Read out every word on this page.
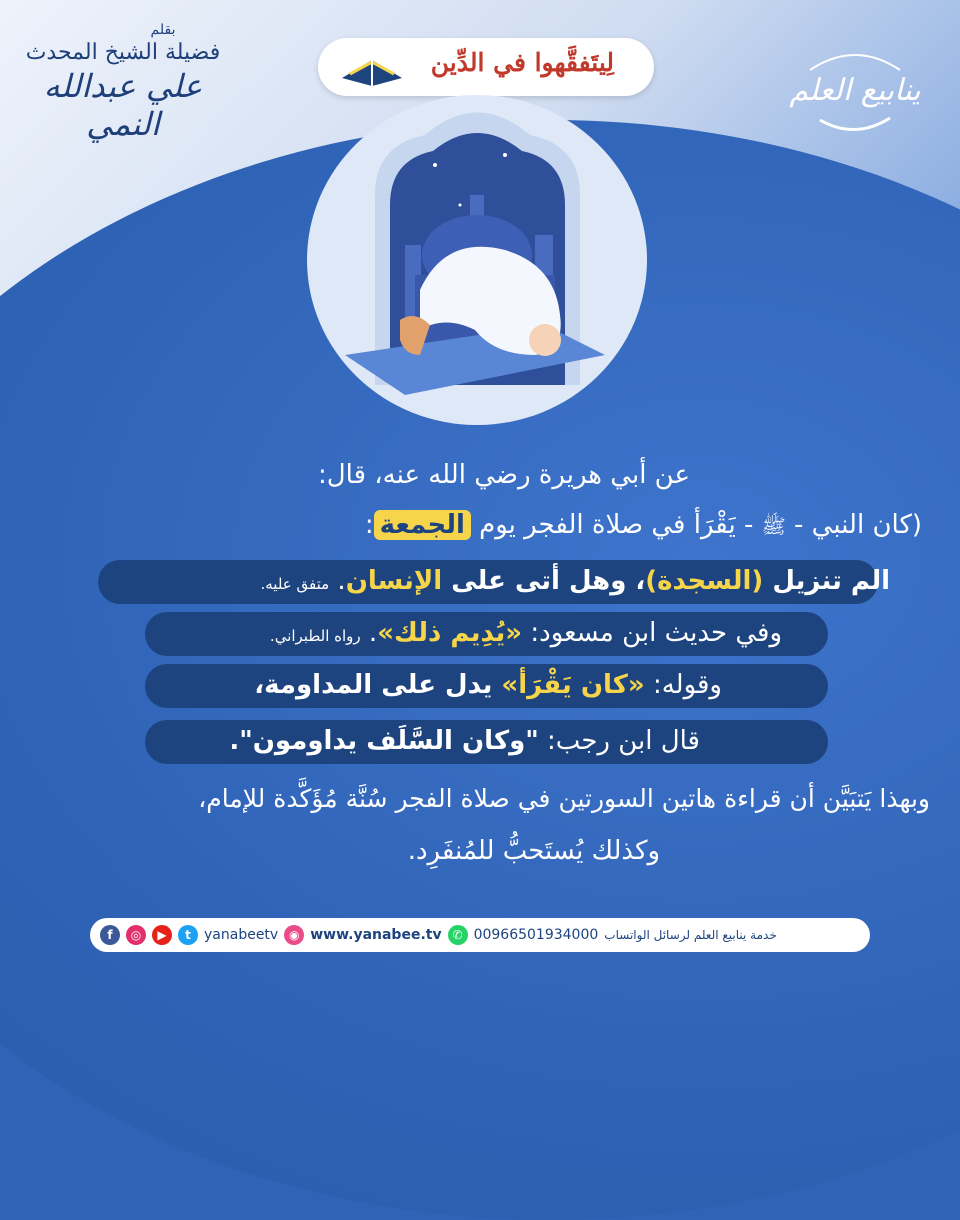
بقلم
فضيلة الشيخ المحدث
علي عبدالله النمي
ينابيع العلم
لِيتَفقَّهوا في الدِّين
عن أبي هريرة رضي الله عنه، قال:
(كان النبي - ﷺ - يَقْرَأ في صلاة الفجر يوم الجمعة:
الم تنزيل (السجدة)، وهل أتى على الإنسان. متفق عليه.
وفي حديث ابن مسعود: «يُدِيم ذلك». رواه الطبراني.
وقوله: «كان يَقْرَأ» يدل على المداومة،
قال ابن رجب: "وكان السَّلَف يداومون".
وبهذا يَتبَيَّن أن قراءة هاتين السورتين في صلاة الفجر سُنَّة مُؤَكَّدة للإمام،
وكذلك يُستَحبُّ للمُنفَرِد.
f	◎	▶	t yanabeetv ◉ www.yanabee.tv ✆ 00966501934000 خدمة ينابيع العلم لرسائل الواتساب
